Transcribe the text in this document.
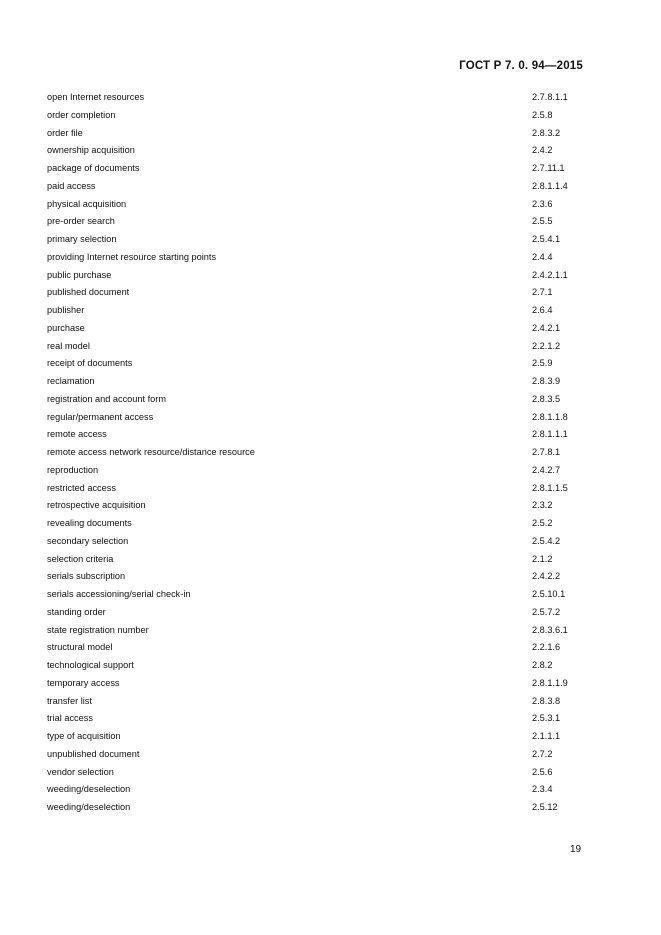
ГОСТ Р 7. 0. 94—2015
open Internet resources	2.7.8.1.1
order completion	2.5.8
order file	2.8.3.2
ownership acquisition	2.4.2
package of documents	2.7.11.1
paid access	2.8.1.1.4
physical acquisition	2.3.6
pre-order search	2.5.5
primary selection	2.5.4.1
providing Internet resource starting points	2.4.4
public purchase	2.4.2.1.1
published document	2.7.1
publisher	2.6.4
purchase	2.4.2.1
real model	2.2.1.2
receipt of documents	2.5.9
reclamation	2.8.3.9
registration and account form	2.8.3.5
regular/permanent access	2.8.1.1.8
remote access	2.8.1.1.1
remote access network resource/distance resource	2.7.8.1
reproduction	2.4.2.7
restricted access	2.8.1.1.5
retrospective acquisition	2.3.2
revealing documents	2.5.2
secondary selection	2.5.4.2
selection criteria	2.1.2
serials subscription	2.4.2.2
serials accessioning/serial check-in	2.5.10.1
standing order	2.5.7.2
state registration number	2.8.3.6.1
structural model	2.2.1.6
technological support	2.8.2
temporary access	2.8.1.1.9
transfer list	2.8.3.8
trial access	2.5.3.1
type of acquisition	2.1.1.1
unpublished document	2.7.2
vendor selection	2.5.6
weeding/deselection	2.3.4
weeding/deselection	2.5.12
19
